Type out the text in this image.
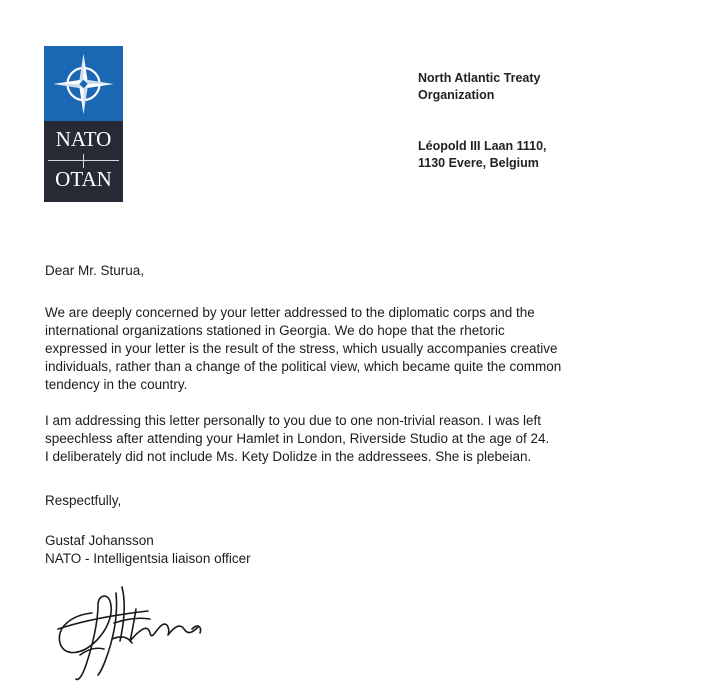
NATO
OTAN
North Atlantic Treaty
Organization
Léopold III Laan 1110,
1130 Evere, Belgium

Dear Mr. Sturua,

We are deeply concerned by your letter addressed to the diplomatic corps and the
international organizations stationed in Georgia. We do hope that the rhetoric
expressed in your letter is the result of the stress, which usually accompanies creative
individuals, rather than a change of the political view, which became quite the common
tendency in the country.

I am addressing this letter personally to you due to one non-trivial reason. I was left
speechless after attending your Hamlet in London, Riverside Studio at the age of 24.
I deliberately did not include Ms. Kety Dolidze in the addressees. She is plebeian.

Respectfully,

Gustaf Johansson

NATO - Intelligentsia liaison officer
